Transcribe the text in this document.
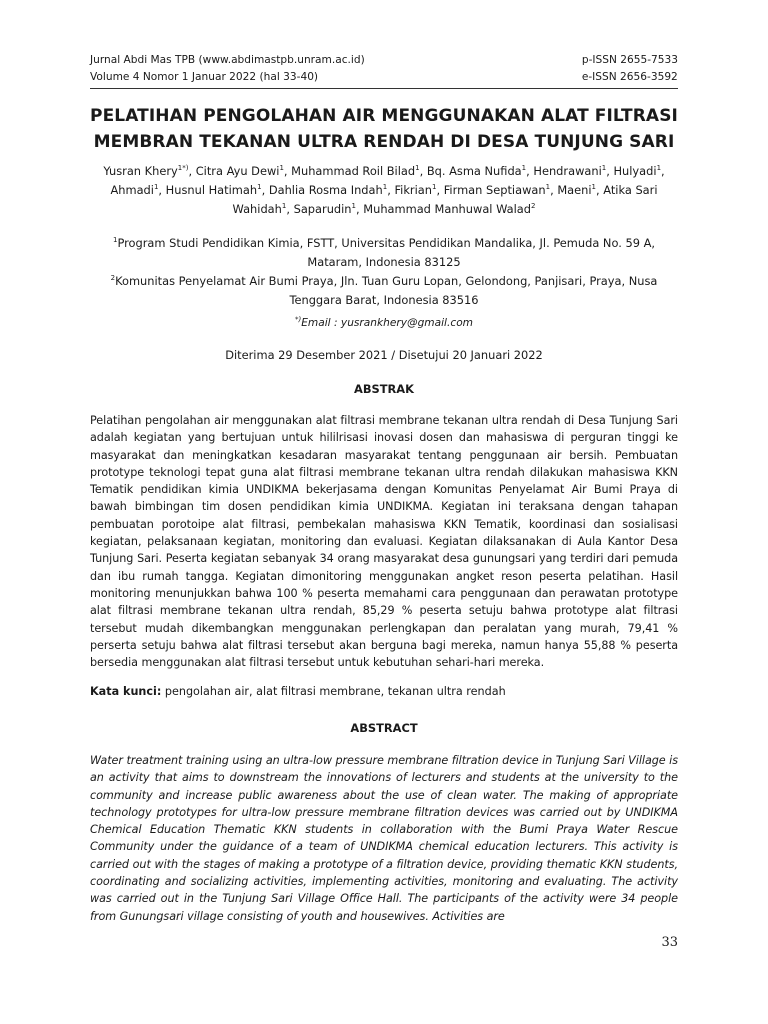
Jurnal Abdi Mas TPB (www.abdimastpb.unram.ac.id)
Volume 4 Nomor 1 Januar 2022 (hal 33-40)
p-ISSN 2655-7533
e-ISSN 2656-3592
PELATIHAN PENGOLAHAN AIR MENGGUNAKAN ALAT FILTRASI
MEMBRAN TEKANAN ULTRA RENDAH DI DESA TUNJUNG SARI
Yusran Khery$^{1*)}$, Citra Ayu Dewi$^1$, Muhammad Roil Bilad$^1$, Bq. Asma Nufida$^1$, Hendrawani$^1$, Hulyadi$^1$, Ahmadi$^1$, Husnul Hatimah$^1$, Dahlia Rosma Indah$^1$, Fikrian$^1$, Firman Septiawan$^1$, Maeni$^1$, Atika Sari Wahidah$^1$, Saparudin$^1$, Muhammad Manhuwal Walad$^2$
$^1$Program Studi Pendidikan Kimia, FSTT, Universitas Pendidikan Mandalika, Jl. Pemuda No. 59 A, Mataram, Indonesia 83125
$^2$Komunitas Penyelamat Air Bumi Praya, Jln. Tuan Guru Lopan, Gelondong, Panjisari, Praya, Nusa Tenggara Barat, Indonesia 83516
*)Email : yusrankhery@gmail.com
Diterima 29 Desember 2021 / Disetujui 20 Januari 2022
ABSTRAK
Pelatihan pengolahan air menggunakan alat filtrasi membrane tekanan ultra rendah di Desa Tunjung Sari adalah kegiatan yang bertujuan untuk hililrisasi inovasi dosen dan mahasiswa di perguran tinggi ke masyarakat dan meningkatkan kesadaran masyarakat tentang penggunaan air bersih. Pembuatan prototype teknologi tepat guna alat filtrasi membrane tekanan ultra rendah dilakukan mahasiswa KKN Tematik pendidikan kimia UNDIKMA bekerjasama dengan Komunitas Penyelamat Air Bumi Praya di bawah bimbingan tim dosen pendidikan kimia UNDIKMA. Kegiatan ini teraksana dengan tahapan pembuatan porotoipe alat filtrasi, pembekalan mahasiswa KKN Tematik, koordinasi dan sosialisasi kegiatan, pelaksanaan kegiatan, monitoring dan evaluasi. Kegiatan dilaksanakan di Aula Kantor Desa Tunjung Sari. Peserta kegiatan sebanyak 34 orang masyarakat desa gunungsari yang terdiri dari pemuda dan ibu rumah tangga. Kegiatan dimonitoring menggunakan angket reson peserta pelatihan. Hasil monitoring menunjukkan bahwa 100 % peserta memahami cara penggunaan dan perawatan prototype alat filtrasi membrane tekanan ultra rendah, 85,29 % peserta setuju bahwa prototype alat filtrasi tersebut mudah dikembangkan menggunakan perlengkapan dan peralatan yang murah, 79,41 % perserta setuju bahwa alat filtrasi tersebut akan berguna bagi mereka, namun hanya 55,88 % peserta bersedia menggunakan alat filtrasi tersebut untuk kebutuhan sehari-hari mereka.
Kata kunci: pengolahan air, alat filtrasi membrane, tekanan ultra rendah
ABSTRACT
Water treatment training using an ultra-low pressure membrane filtration device in Tunjung Sari Village is an activity that aims to downstream the innovations of lecturers and students at the university to the community and increase public awareness about the use of clean water. The making of appropriate technology prototypes for ultra-low pressure membrane filtration devices was carried out by UNDIKMA Chemical Education Thematic KKN students in collaboration with the Bumi Praya Water Rescue Community under the guidance of a team of UNDIKMA chemical education lecturers. This activity is carried out with the stages of making a prototype of a filtration device, providing thematic KKN students, coordinating and socializing activities, implementing activities, monitoring and evaluating. The activity was carried out in the Tunjung Sari Village Office Hall. The participants of the activity were 34 people from Gunungsari village consisting of youth and housewives. Activities are
33
